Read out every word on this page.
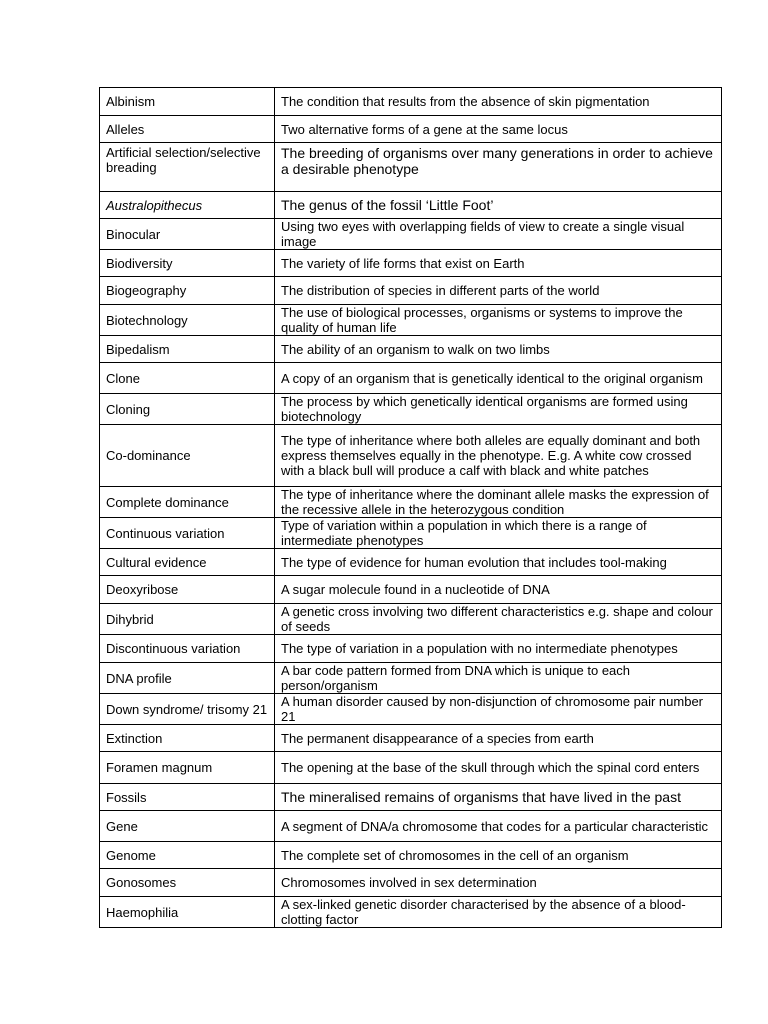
Albinism	The condition that results from the absence of skin pigmentation
Alleles	Two alternative forms of a gene at the same locus
Artificial selection/selective breading	The breeding of organisms over many generations in order to achieve a desirable phenotype
Australopithecus	The genus of the fossil ‘Little Foot’
Binocular	Using two eyes with overlapping fields of view to create a single visual image
Biodiversity	The variety of life forms that exist on Earth
Biogeography	The distribution of species in different parts of the world
Biotechnology	The use of biological processes, organisms or systems to improve the quality of human life
Bipedalism	The ability of an organism to walk on two limbs
Clone	A copy of an organism that is genetically identical to the original organism
Cloning	The process by which genetically identical organisms are formed using biotechnology
Co-dominance	The type of inheritance where both alleles are equally dominant and both express themselves equally in the phenotype. E.g. A white cow crossed with a black bull will produce a calf with black and white patches
Complete dominance	The type of inheritance where the dominant allele masks the expression of the recessive allele in the heterozygous condition
Continuous variation	Type of variation within a population in which there is a range of intermediate phenotypes
Cultural evidence	The type of evidence for human evolution that includes tool-making
Deoxyribose	A sugar molecule found in a nucleotide of DNA
Dihybrid	A genetic cross involving two different characteristics e.g. shape and colour of seeds
Discontinuous variation	The type of variation in a population with no intermediate phenotypes
DNA profile	A bar code pattern formed from DNA which is unique to each person/organism
Down syndrome/ trisomy 21	A human disorder caused by non-disjunction of chromosome pair number 21
Extinction	The permanent disappearance of a species from earth
Foramen magnum	The opening at the base of the skull through which the spinal cord enters
Fossils	The mineralised remains of organisms that have lived in the past
Gene	A segment of DNA/a chromosome that codes for a particular characteristic
Genome	The complete set of chromosomes in the cell of an organism
Gonosomes	Chromosomes involved in sex determination
Haemophilia	A sex-linked genetic disorder characterised by the absence of a blood-clotting factor
